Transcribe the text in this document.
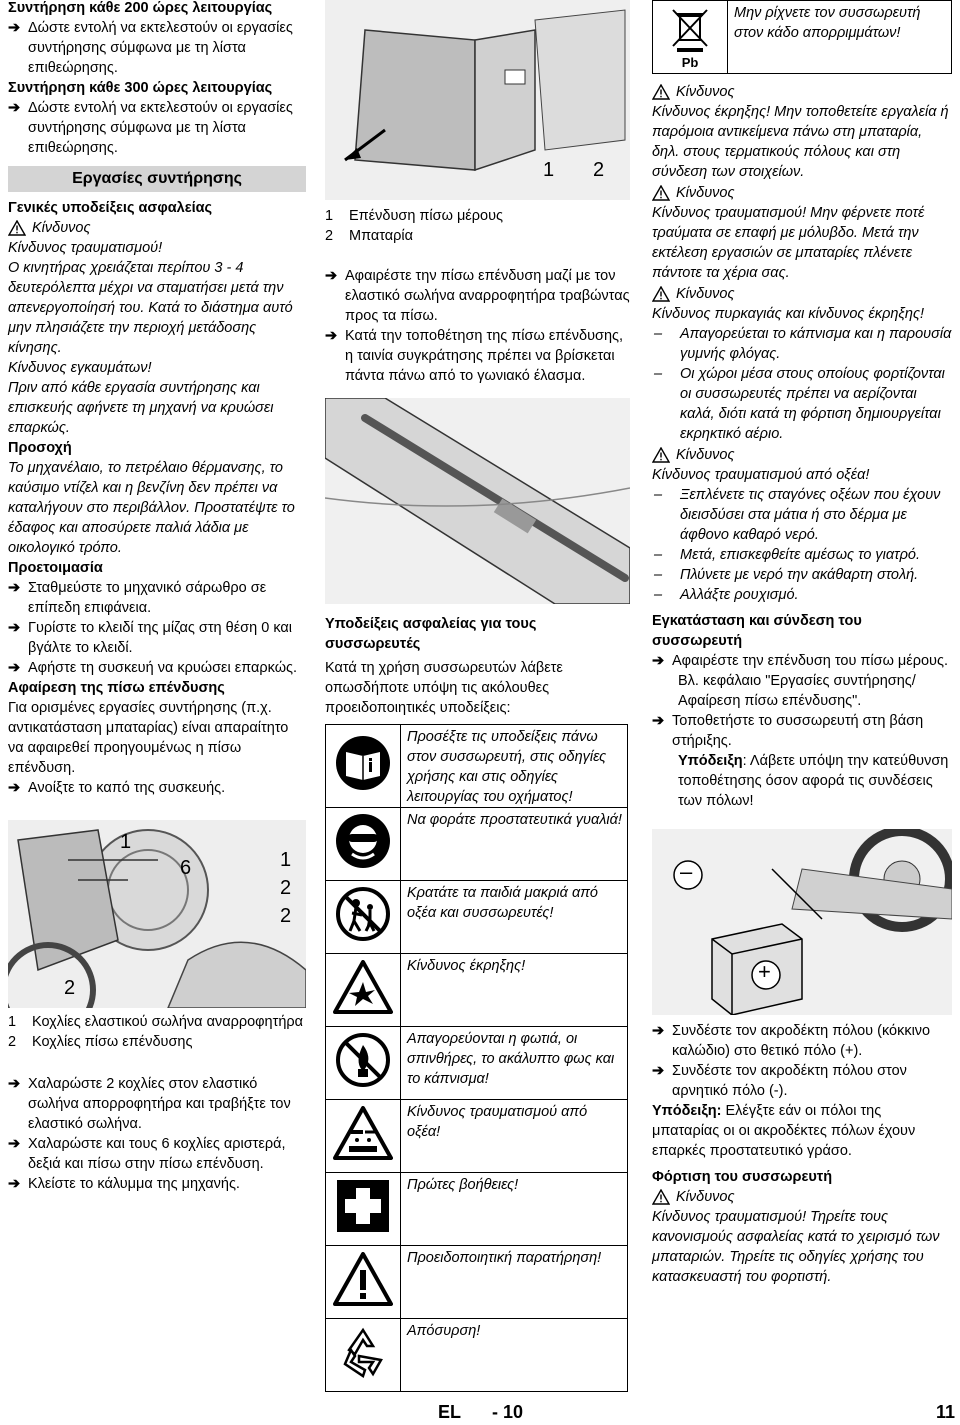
Συντήρηση κάθε 200 ώρες λειτουργίας

➔ Δώστε εντολή να εκτελεστούν οι εργασίες συντήρησης σύμφωνα με τη λίστα επιθεώρησης.

Συντήρηση κάθε 300 ώρες λειτουργίας

➔ Δώστε εντολή να εκτελεστούν οι εργασίες συντήρησης σύμφωνα με τη λίστα επιθεώρησης.
Εργασίες συντήρησης

Γενικές υποδείξεις ασφαλείας

Κίνδυνος

Κίνδυνος τραυματισμού!

Ο κινητήρας χρειάζεται περίπου 3 - 4 δευτερόλεπτα μέχρι να σταματήσει μετά την απενεργοποίησή του. Κατά το διάστημα αυτό μην πλησιάζετε την περιοχή μετάδοσης κίνησης.

Κίνδυνος εγκαυμάτων!

Πριν από κάθε εργασία συντήρησης και επισκευής αφήνετε τη μηχανή να κρυώσει επαρκώς.

Προσοχή

Το μηχανέλαιο, το πετρέλαιο θέρμανσης, το καύσιμο ντίζελ και η βενζίνη δεν πρέπει να καταλήγουν στο περιβάλλον. Προστατέψτε το έδαφος και αποσύρετε παλιά λάδια με οικολογικό τρόπο.

Προετοιμασία

➔ Σταθμεύστε το μηχανικό σάρωθρο σε επίπεδη επιφάνεια.
➔ Γυρίστε το κλειδί της μίζας στη θέση 0 και βγάλτε το κλειδί.
➔ Αφήστε τη συσκευή να κρυώσει επαρκώς.

Αφαίρεση της πίσω επένδυσης

Για ορισμένες εργασίες συντήρησης (π.χ. αντικατάσταση μπαταρίας) είναι απαραίτητο να αφαιρεθεί προηγουμένως η πίσω επένδυση.

➔ Ανοίξτε το καπό της συσκευής.
1
6	1
2
2
2
1	Κοχλίες ελαστικού σωλήνα αναρροφητήρα
2	Κοχλίες πίσω επένδυσης
➔ Χαλαρώστε 2 κοχλίες στον ελαστικό σωλήνα απορροφητήρα και τραβήξτε τον ελαστικό σωλήνα.
➔ Χαλαρώστε και τους 6 κοχλίες αριστερά, δεξιά και πίσω στην πίσω επένδυση.
➔ Κλείστε το κάλυμμα της μηχανής.
1 2
1	Επένδυση πίσω μέρους
2	Μπαταρία
➔ Αφαιρέστε την πίσω επένδυση μαζί με τον ελαστικό σωλήνα αναρροφητήρα τραβώντας προς τα πίσω.
➔ Κατά την τοποθέτηση της πίσω επένδυσης, η ταινία συγκράτησης πρέπει να βρίσκεται πάντα πάνω από το γωνιακό έλασμα.

Υποδείξεις ασφαλείας για τους συσσωρευτές

Κατά τη χρήση συσσωρευτών λάβετε οπωσδήποτε υπόψη τις ακόλουθες προειδοποιητικές υποδείξεις:

	Προσέξτε τις υποδείξεις πάνω στον συσσωρευτή, στις οδηγίες χρήσης και στις οδηγίες λειτουργίας του οχήματος!
	Να φοράτε προστατευτικά γυαλιά!
	Κρατάτε τα παιδιά μακριά από οξέα και συσσωρευτές!
	Κίνδυνος έκρηξης!
	Απαγορεύονται η φωτιά, οι σπινθήρες, το ακάλυπτο φως και το κάπνισμα!
	Κίνδυνος τραυματισμού από οξέα!
	Πρώτες βοήθειες!
	Προειδοποιητική παρατήρηση!
	Απόσυρση!
Pb
	Μην ρίχνετε τον συσσωρευτή στον κάδο απορριμμάτων!
Κίνδυνος

Κίνδυνος έκρηξης! Μην τοποθετείτε εργαλεία ή παρόμοια αντικείμενα πάνω στη μπαταρία, δηλ. στους τερματικούς πόλους και στη σύνδεση των στοιχείων.

Κίνδυνος

Κίνδυνος τραυματισμού! Μην φέρνετε ποτέ τραύματα σε επαφή με μόλυβδο. Μετά την εκτέλεση εργασιών σε μπαταρίες πλένετε πάντοτε τα χέρια σας.

Κίνδυνος

Κίνδυνος πυρκαγιάς και κίνδυνος έκρηξης!

–	Απαγορεύεται το κάπνισμα και η παρουσία γυμνής φλόγας.
–	Οι χώροι μέσα στους οποίους φορτίζονται οι συσσωρευτές πρέπει να αερίζονται καλά, διότι κατά τη φόρτιση δημιουργείται εκρηκτικό αέριο.
Κίνδυνος

Κίνδυνος τραυματισμού από οξέα!

–	Ξεπλένετε τις σταγόνες οξέων που έχουν διεισδύσει στα μάτια ή στο δέρμα με άφθονο καθαρό νερό.
–	Μετά, επισκεφθείτε αμέσως το γιατρό.
–	Πλύνετε με νερό την ακάθαρτη στολή.
–	Αλλάξτε ρουχισμό.

Εγκατάσταση και σύνδεση του συσσωρευτή

➔ Αφαιρέστε την επένδυση του πίσω μέρους.

Βλ. κεφάλαιο "Εργασίες συντήρησης/ Αφαίρεση πίσω επένδυσης".

➔ Τοποθετήστε το συσσωρευτή στη βάση στήριξης.

Υπόδειξη: Λάβετε υπόψη την κατεύθυνση τοποθέτησης όσον αφορά τις συνδέσεις των πόλων!

–
+
➔ Συνδέστε τον ακροδέκτη πόλου (κόκκινο καλώδιο) στο θετικό πόλο (+).
➔ Συνδέστε τον ακροδέκτη πόλου στον αρνητικό πόλο (-).

Υπόδειξη: Ελέγξτε εάν οι πόλοι της μπαταρίας οι οι ακροδέκτες πόλων έχουν επαρκές προστατευτικό γράσο.

Φόρτιση του συσσωρευτή

Κίνδυνος

Κίνδυνος τραυματισμού! Τηρείτε τους κανονισμούς ασφαλείας κατά το χειρισμό των μπαταριών. Τηρείτε τις οδηγίες χρήσης του κατασκευαστή του φορτιστή.

EL - 10	11
